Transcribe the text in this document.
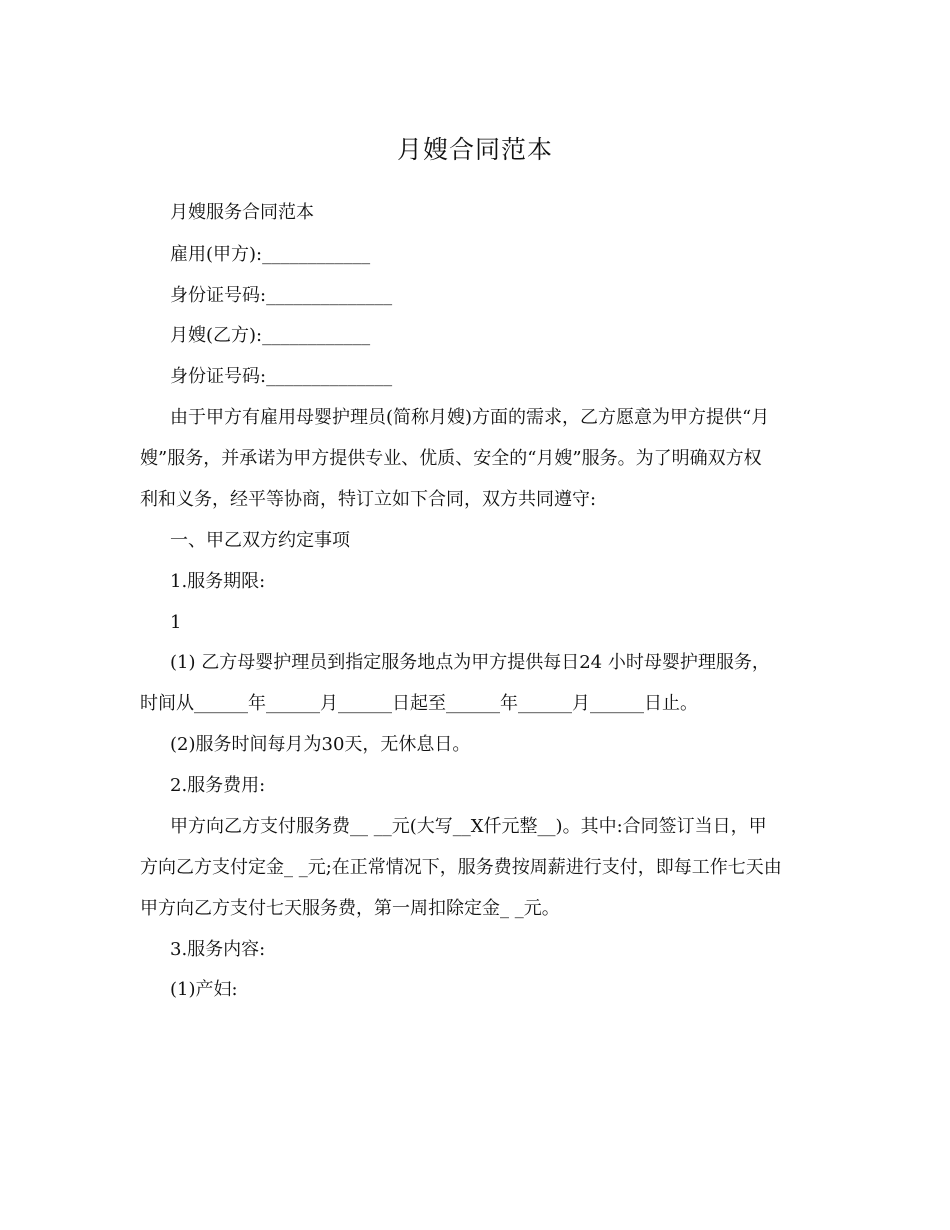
月嫂合同范本
月嫂服务合同范本
雇用(甲方):____________
身份证号码:______________
月嫂(乙方):____________
身份证号码:______________
由于甲方有雇用母婴护理员(简称月嫂)方面的需求，乙方愿意为甲方提供“月
嫂”服务，并承诺为甲方提供专业、优质、安全的“月嫂”服务。为了明确双方权
利和义务，经平等协商，特订立如下合同，双方共同遵守:
一、甲乙双方约定事项
1.服务期限:
1
(1) 乙方母婴护理员到指定服务地点为甲方提供每日24 小时母婴护理服务，
时间从______年______月______日起至______年______月______日止。
(2)服务时间每月为30天，无休息日。
2.服务费用:
甲方向乙方支付服务费__ __元(大写__X仟元整__)。其中:合同签订当日，甲
方向乙方支付定金_ _元;在正常情况下，服务费按周薪进行支付，即每工作七天由
甲方向乙方支付七天服务费，第一周扣除定金_ _元。
3.服务内容:
(1)产妇:
